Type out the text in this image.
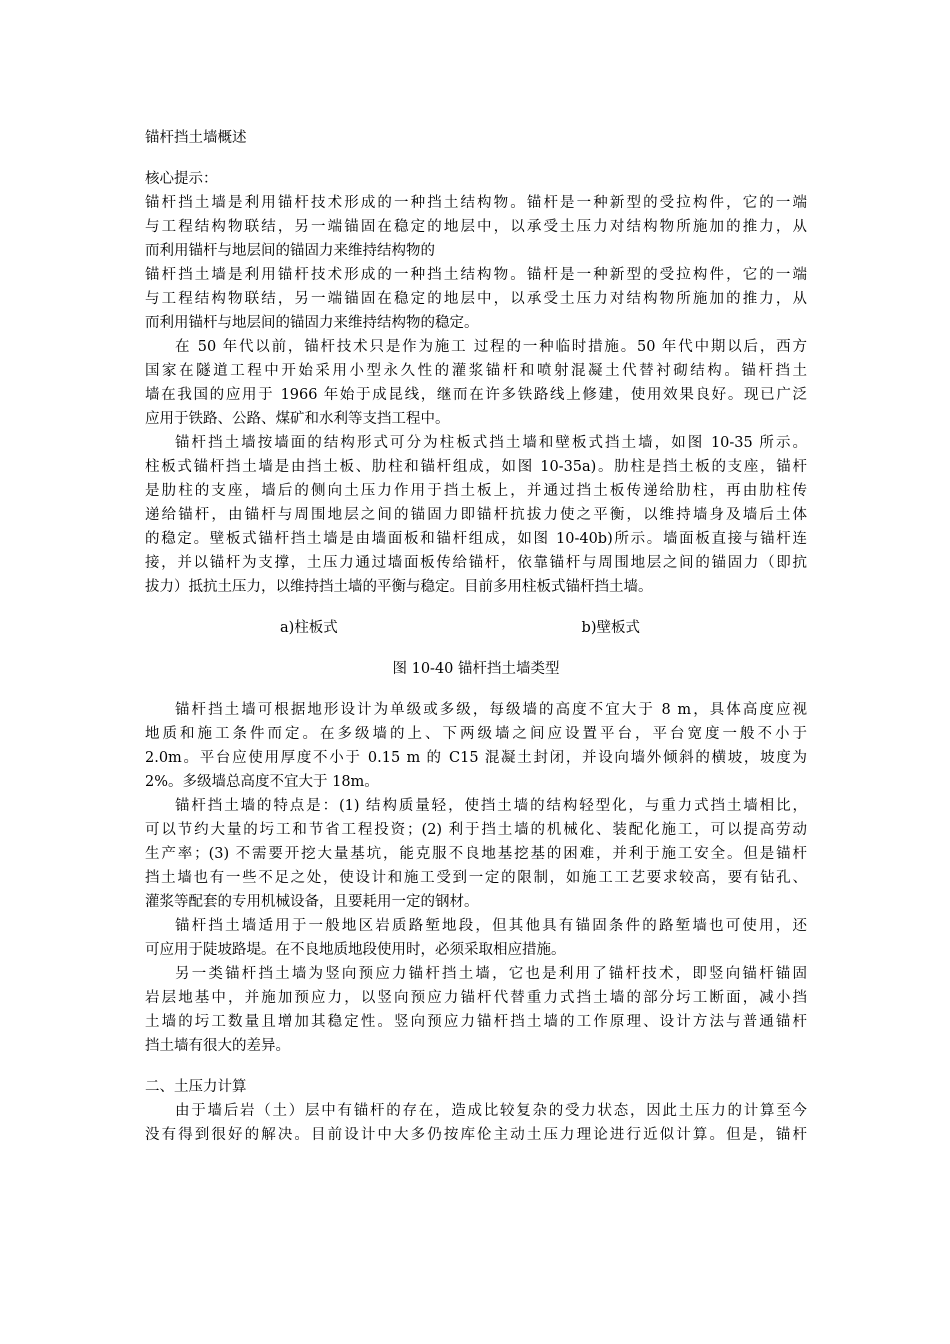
锚杆挡土墙概述
核心提示：
锚杆挡土墙是利用锚杆技术形成的一种挡土结构物。锚杆是一种新型的受拉构件，它的一端
与工程结构物联结，另一端锚固在稳定的地层中，以承受土压力对结构物所施加的推力，从
而利用锚杆与地层间的锚固力来维持结构物的
锚杆挡土墙是利用锚杆技术形成的一种挡土结构物。锚杆是一种新型的受拉构件，它的一端
与工程结构物联结，另一端锚固在稳定的地层中，以承受土压力对结构物所施加的推力，从
而利用锚杆与地层间的锚固力来维持结构物的稳定。
在 50 年代以前，锚杆技术只是作为施工 过程的一种临时措施。50 年代中期以后，西方
国家在隧道工程中开始采用小型永久性的灌浆锚杆和喷射混凝土代替衬砌结构。锚杆挡土
墙在我国的应用于 1966 年始于成昆线，继而在许多铁路线上修建，使用效果良好。现已广泛
应用于铁路、公路、煤矿和水利等支挡工程中。
锚杆挡土墙按墙面的结构形式可分为柱板式挡土墙和壁板式挡土墙，如图 10-35 所示。
柱板式锚杆挡土墙是由挡土板、肋柱和锚杆组成，如图 10-35a)。肋柱是挡土板的支座，锚杆
是肋柱的支座，墙后的侧向土压力作用于挡土板上，并通过挡土板传递给肋柱，再由肋柱传
递给锚杆，由锚杆与周围地层之间的锚固力即锚杆抗拔力使之平衡，以维持墙身及墙后土体
的稳定。壁板式锚杆挡土墙是由墙面板和锚杆组成，如图 10-40b)所示。墙面板直接与锚杆连
接，并以锚杆为支撑，土压力通过墙面板传给锚杆，依靠锚杆与周围地层之间的锚固力（即抗
拔力）抵抗土压力，以维持挡土墙的平衡与稳定。目前多用柱板式锚杆挡土墙。
a)柱板式	b)壁板式
图 10-40 锚杆挡土墙类型
锚杆挡土墙可根据地形设计为单级或多级，每级墙的高度不宜大于 8 m，具体高度应视
地质和施工条件而定。在多级墙的上、下两级墙之间应设置平台，平台宽度一般不小于
2.0m。平台应使用厚度不小于 0.15 m 的 C15 混凝土封闭，并设向墙外倾斜的横坡，坡度为
2%。多级墙总高度不宜大于 18m。
锚杆挡土墙的特点是：(1) 结构质量轻，使挡土墙的结构轻型化，与重力式挡土墙相比，
可以节约大量的圬工和节省工程投资；(2) 利于挡土墙的机械化、装配化施工，可以提高劳动
生产率；(3) 不需要开挖大量基坑，能克服不良地基挖基的困难，并利于施工安全。但是锚杆
挡土墙也有一些不足之处，使设计和施工受到一定的限制，如施工工艺要求较高，要有钻孔、
灌浆等配套的专用机械设备，且要耗用一定的钢材。
锚杆挡土墙适用于一般地区岩质路堑地段，但其他具有锚固条件的路堑墙也可使用，还
可应用于陡坡路堤。在不良地质地段使用时，必须采取相应措施。
另一类锚杆挡土墙为竖向预应力锚杆挡土墙，它也是利用了锚杆技术，即竖向锚杆锚固
岩层地基中，并施加预应力，以竖向预应力锚杆代替重力式挡土墙的部分圬工断面，减小挡
土墙的圬工数量且增加其稳定性。竖向预应力锚杆挡土墙的工作原理、设计方法与普通锚杆
挡土墙有很大的差异。
二、土压力计算
由于墙后岩（土）层中有锚杆的存在，造成比较复杂的受力状态，因此土压力的计算至今
没有得到很好的解决。目前设计中大多仍按库伦主动土压力理论进行近似计算。但是，锚杆
